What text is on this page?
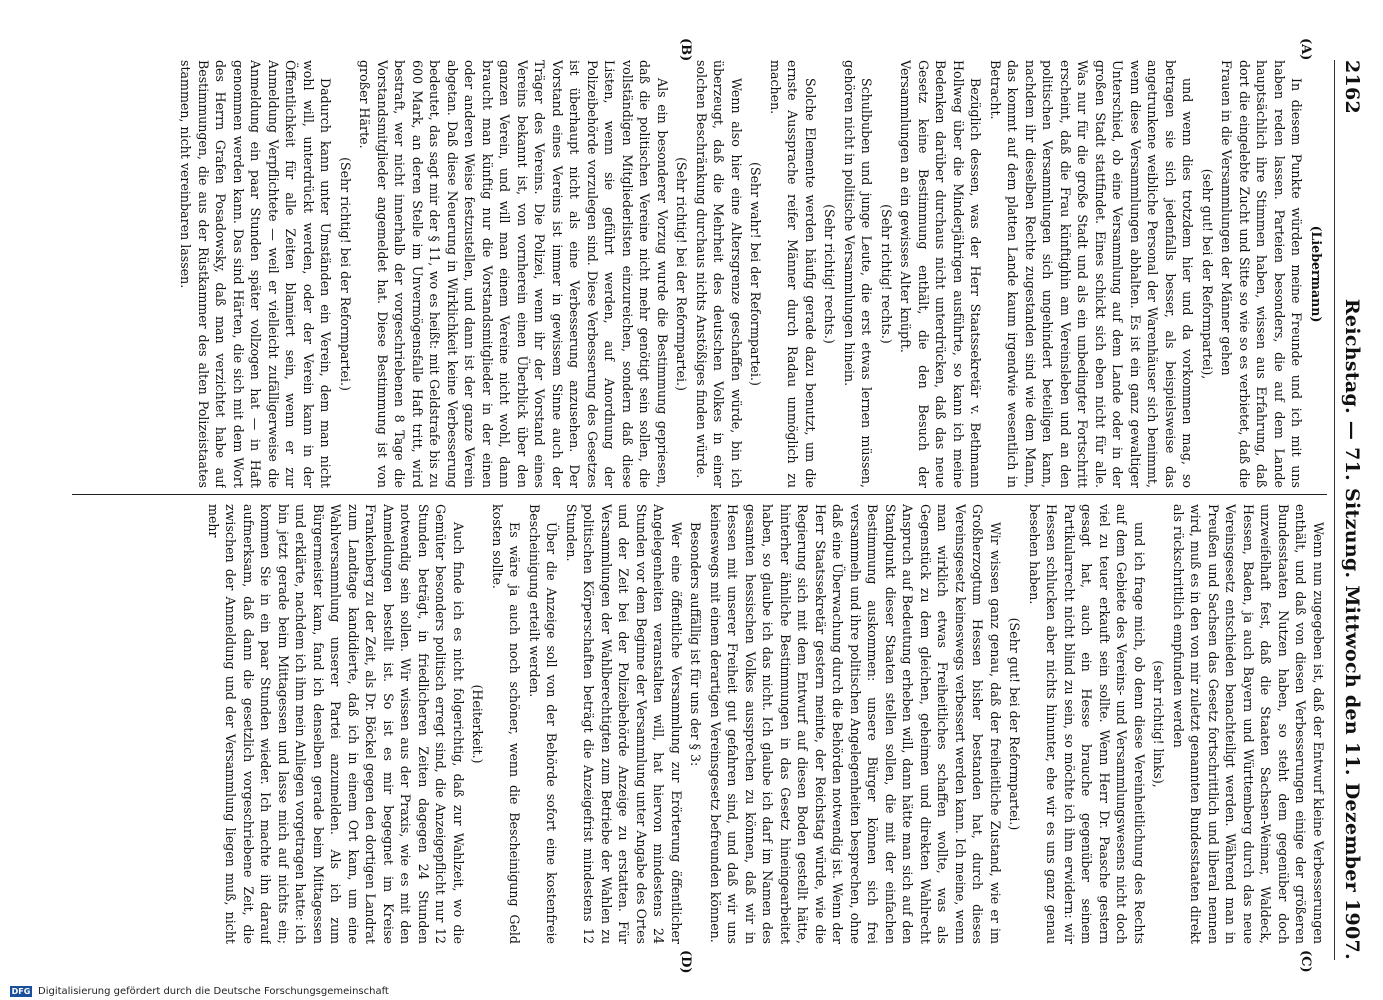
2162
Reichstag. — 71. Sitzung. Mittwoch den 11. Dezember 1907.
(A)
(B)
(C)
(D)

(Liebermann)

In diesem Punkte würden meine Freunde und ich mit uns haben reden lassen. Parteien besonders, die auf dem Lande hauptsächlich ihre Stimmen haben, wissen aus Erfahrung, daß dort die eingelebte Zucht und Sitte so wie so es verbietet, daß die Frauen in die Versammlungen der Männer gehen

(sehr gut! bei der Reformpartei),

und wenn dies trotzdem hier und da vorkommen mag, so betragen sie sich jedenfalls besser, als beispielsweise das angetrunkene weibliche Personal der Warenhäuser sich benimmt, wenn diese Versammlungen abhalten. Es ist ein ganz gewaltiger Unterschied, ob eine Versammlung auf dem Lande oder in der großen Stadt stattfindet. Eines schickt sich eben nicht für alle. Was nur für die große Stadt und als ein unbedingter Fortschritt erscheint, daß die Frau künftighin am Vereinsleben und an den politischen Versammlungen sich ungehindert beteiligen kann, nachdem ihr dieselben Rechte zugestanden sind wie dem Mann, das kommt auf dem platten Lande kaum irgendwie wesentlich in Betracht.

Bezüglich dessen, was der Herr Staatssekretär v. Bethmann Hollweg über die Minderjährigen ausführte, so kann ich meine Bedenken darüber durchaus nicht unterdrücken, daß das neue Gesetz keine Bestimmung enthält, die den Besuch der Versammlungen an ein gewisses Alter knüpft.

(Sehr richtig! rechts.)

Schulbuben und junge Leute, die erst etwas lernen müssen, gehören nicht in politische Versammlungen hinein.

(Sehr richtig! rechts.)

Solche Elemente werden häufig gerade dazu benutzt, um die ernste Aussprache reifer Männer durch Radau unmöglich zu machen.

(Sehr wahr! bei der Reformpartei.)

Wenn also hier eine Altersgrenze geschaffen würde, bin ich überzeugt, daß die Mehrheit des deutschen Volkes in einer solchen Beschränkung durchaus nichts Anstößiges finden würde.

(Sehr richtig! bei der Reformpartei.)

Als ein besonderer Vorzug wurde die Bestimmung gepriesen, daß die politischen Vereine nicht mehr genötigt sein sollen, die vollständigen Mitgliederlisten einzureichen, sondern daß diese Listen, wenn sie geführt werden, auf Anordnung der Polizeibehörde vorzulegen sind. Diese Verbesserung des Gesetzes ist überhaupt nicht als eine Verbesserung anzusehen. Der Vorstand eines Vereins ist immer in gewissem Sinne auch der Träger des Vereins. Die Polizei, wenn ihr der Vorstand eines Vereins bekannt ist, von vornherein einen Überblick über den ganzen Verein, und will man einem Vereine nicht wohl, dann braucht man künftig nur die Vorstandsmitglieder in der einen oder anderen Weise festzustellen, und dann ist der ganze Verein abgetan. Daß diese Neuerung in Wirklichkeit keine Verbesserung bedeutet, das sagt mir der § 11, wo es heißt: mit Geldstrafe bis zu 600 Mark, an deren Stelle im Unvermögensfalle Haft tritt, wird bestraft, wer nicht innerhalb der vorgeschriebenen 8 Tage die Vorstandsmitglieder angemeldet hat. Diese Bestimmung ist von großer Härte.

(Sehr richtig! bei der Reformpartei.)

Dadurch kann unter Umständen ein Verein, dem man nicht wohl will, unterdrückt werden, oder der Verein kann in der Öffentlichkeit für alle Zeiten blamiert sein, wenn er zur Anmeldung Verpflichtete — weil er vielleicht zufälligerweise die Anmeldung ein paar Stunden später vollzogen hat — in Haft genommen werden kann. Das sind Härten, die sich mit dem Wort des Herrn Grafen Posadowsky, daß man verzichtet habe auf Bestimmungen, die aus der Rüstkammer des alten Polizeistaates stammen, nicht vereinbaren lassen.

Wenn nun zugegeben ist, daß der Entwurf kleine Verbesserungen enthält, und daß von diesen Verbesserungen einige der größeren Bundesstaaten Nutzen haben, so steht dem gegenüber doch unzweifelhaft fest, daß die Staaten Sachsen-Weimar, Waldeck, Hessen, Baden, ja auch Bayern und Württemberg durch das neue Vereinsgesetz entschieden benachteiligt werden. Während man in Preußen und Sachsen das Gesetz fortschrittlich und liberal nennen wird, muß es in den von mir zuletzt genannten Bundesstaaten direkt als rückschrittlich empfunden werden

(sehr richtig! links),

und ich frage mich, ob denn diese Vereinheitlichung des Rechts auf dem Gebiete des Vereins- und Versammlungswesens nicht doch viel zu teuer erkauft sein sollte. Wenn Herr Dr. Paasche gestern gesagt hat, auch ein Hesse brauche gegenüber seinem Partikularrecht nicht blind zu sein, so möchte ich ihm erwidern: wir Hessen schlucken aber nichts hinunter, ehe wir es uns ganz genau besehen haben.

(Sehr gut! bei der Reformpartei.)

Wir wissen ganz genau, daß der freiheitliche Zustand, wie er im Großherzogtum Hessen bisher bestanden hat, durch dieses Vereinsgesetz keineswegs verbessert werden kann. Ich meine, wenn man wirklich etwas Freiheitliches schaffen wollte, was als Gegenstück zu dem gleichen, geheimen und direkten Wahlrecht Anspruch auf Bedeutung erheben will, dann hätte man sich auf den Standpunkt dieser Staaten stellen sollen, die mit der einfachen Bestimmung auskommen: unsere Bürger können sich frei versammeln und ihre politischen Angelegenheiten besprechen, ohne daß eine Überwachung durch die Behörden notwendig ist. Wenn der Herr Staatssekretär gestern meinte, der Reichstag würde, wie die Regierung sich mit dem Entwurf auf diesen Boden gestellt hätte, hinterher ähnliche Bestimmungen in das Gesetz hineingearbeitet haben, so glaube ich das nicht. Ich glaube ich darf im Namen des gesamten hessischen Volkes aussprechen zu können, daß wir in Hessen mit unserer Freiheit gut gefahren sind, und daß wir uns keineswegs mit einem derartigen Vereinsgesetz befreunden können.

Besonders auffällig ist für uns der § 3:

Wer eine öffentliche Versammlung zur Erörterung öffentlicher Angelegenheiten veranstalten will, hat hiervon mindestens 24 Stunden vor dem Beginne der Versammlung unter Angabe des Ortes und der Zeit bei der Polizeibehörde Anzeige zu erstatten. Für Versammlungen der Wahlberechtigten zum Betriebe der Wahlen zu politischen Körperschaften beträgt die Anzeigefrist mindestens 12 Stunden.

Über die Anzeige soll von der Behörde sofort eine kostenfreie Bescheinigung erteilt werden.

Es wäre ja auch noch schöner, wenn die Bescheinigung Geld kosten sollte.

(Heiterkeit.)

Auch finde ich es nicht folgerichtig, daß zur Wahlzeit, wo die Gemüter besonders politisch erregt sind, die Anzeigepflicht nur 12 Stunden beträgt, in friedlicheren Zeiten dagegen 24 Stunden notwendig sein sollen. Wir wissen aus der Praxis, wie es mit den Anmeldungen bestellt ist. So ist es mir begegnet im Kreise Frankenberg zu der Zeit, als Dr. Böckel gegen den dortigen Landrat zum Landtage kandidierte, daß ich in einem Ort kam, um eine Wahlversammlung unserer Partei anzumelden. Als ich zum Bürgermeister kam, fand ich denselben gerade beim Mittagessen und erklärte, nachdem ich ihm mein Anliegen vorgetragen hatte: ich bin jetzt gerade beim Mittagessen und lasse mich auf nichts ein; kommen Sie in ein paar Stunden wieder. Ich machte ihn darauf aufmerksam, daß dann die gesetzlich vorgeschriebene Zeit, die zwischen der Anmeldung und der Versammlung liegen muß, nicht mehr

DFG Digitalisierung gefördert durch die Deutsche Forschungsgemeinschaft
